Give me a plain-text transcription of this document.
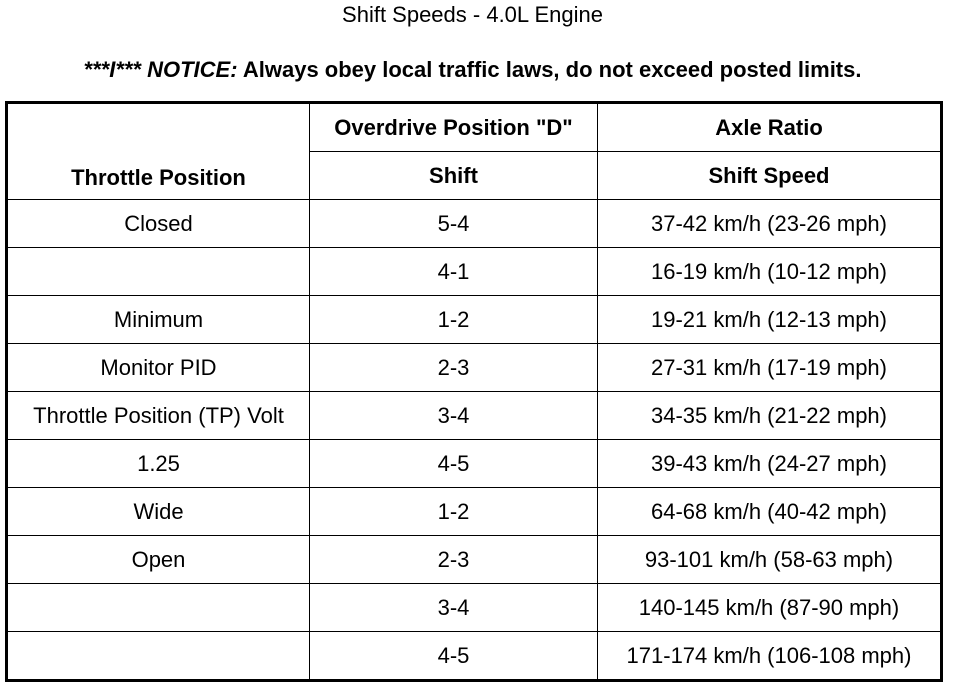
Shift Speeds - 4.0L Engine
***I*** NOTICE: Always obey local traffic laws, do not exceed posted limits.
Throttle Position	Overdrive Position "D"	Axle Ratio
	Shift	Shift Speed
Closed	5-4	37-42 km/h (23-26 mph)
	4-1	16-19 km/h (10-12 mph)
Minimum	1-2	19-21 km/h (12-13 mph)
Monitor PID	2-3	27-31 km/h (17-19 mph)
Throttle Position (TP) Volt	3-4	34-35 km/h (21-22 mph)
1.25	4-5	39-43 km/h (24-27 mph)
Wide	1-2	64-68 km/h (40-42 mph)
Open	2-3	93-101 km/h (58-63 mph)
	3-4	140-145 km/h (87-90 mph)
	4-5	171-174 km/h (106-108 mph)
